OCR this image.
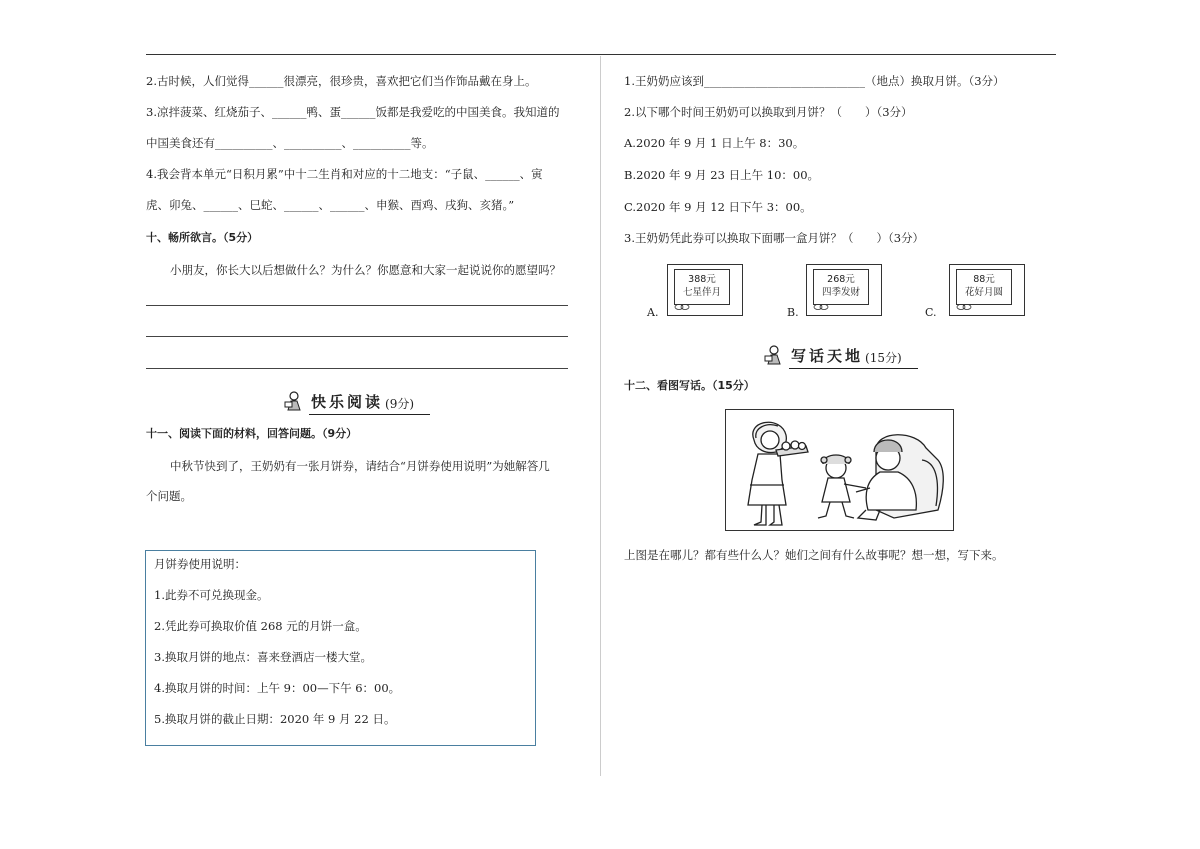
2.古时候，人们觉得______很漂亮，很珍贵，喜欢把它们当作饰品戴在身上。
3.凉拌菠菜、红烧茄子、______鸭、蛋______饭都是我爱吃的中国美食。我知道的
中国美食还有__________、__________、__________等。
4.我会背本单元“日积月累”中十二生肖和对应的十二地支：“子鼠、______、寅
虎、卯兔、______、巳蛇、______、______、申猴、酉鸡、戌狗、亥猪。”
十、畅所欲言。（5分）
小朋友，你长大以后想做什么？为什么？你愿意和大家一起说说你的愿望吗？
快乐阅读 (9分)
十一、阅读下面的材料，回答问题。（9分）
中秋节快到了，王奶奶有一张月饼券，请结合“月饼券使用说明”为她解答几
个问题。
月饼券使用说明：
1.此券不可兑换现金。
2.凭此券可换取价值 268 元的月饼一盒。
3.换取月饼的地点：喜来登酒店一楼大堂。
4.换取月饼的时间：上午 9：00—下午 6：00。
5.换取月饼的截止日期：2020 年 9 月 22 日。
1.王奶奶应该到____________________________（地点）换取月饼。（3分）
2.以下哪个时间王奶奶可以换取到月饼？（　　）（3分）
A.2020 年 9 月 1 日上午 8：30。
B.2020 年 9 月 23 日上午 10：00。
C.2020 年 9 月 12 日下午 3：00。
3.王奶奶凭此券可以换取下面哪一盒月饼？（　　）（3分）
388元
七星伴月
A.
268元
四季发财
B.
88元
花好月圆
C.
写话天地 (15分)
十二、看图写话。（15分）
上图是在哪儿？都有些什么人？她们之间有什么故事呢？想一想，写下来。
